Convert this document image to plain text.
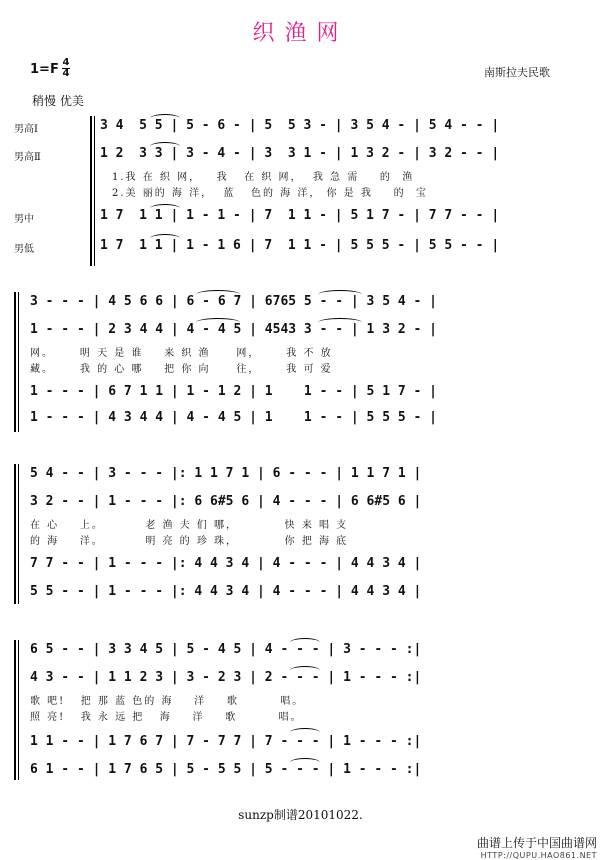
织渔网
1=F 4
4	南斯拉夫民歌
稍慢 优美
男高Ⅰ
男高Ⅱ
男中
男低
3 4  5 5 | 5 - 6 - | 5  5 3 - | 3 5 4 - | 5 4 - - |
1 2  3 3 | 3 - 4 - | 3  3 1 - | 1 3 2 - | 3 2 - - |
1.我 在 织 网，   我   在 织 网，  我 急 需    的  渔
2.美 丽的 海 洋，  蓝   色的 海 洋， 你 是 我    的  宝
1 7  1 1 | 1 - 1 - | 7  1 1 - | 5 1 7 - | 7 7 - - |
1 7  1 1 | 1 - 1 6 | 7  1 1 - | 5 5 5 - | 5 5 - - |
3 - - - | 4 5 6 6 | 6 - 6 7 | 6765 5 - - | 3 5 4 - |
1 - - - | 2 3 4 4 | 4 - 4 5 | 4543 3 - - | 1 3 2 - |
网。     明 天 是 谁    来 织 渔     网，     我 不 放
藏。     我 的 心 哪    把 你 向     往，     我 可 爱
1 - - - | 6 7 1 1 | 1 - 1 2 | 1    1 - - | 5 1 7 - |
1 - - - | 4 3 4 4 | 4 - 4 5 | 1    1 - - | 5 5 5 - |
5 4 - - | 3 - - - |: 1 1 7 1 | 6 - - - | 1 1 7 1 |
3 2 - - | 1 - - - |: 6 6#5 6 | 4 - - - | 6 6#5 6 |
在 心    上。        老 渔 夫 们 哪，         快 来 唱 支
的 海    洋。        明 亮 的 珍 珠，         你 把 海 底
7 7 - - | 1 - - - |: 4 4 3 4 | 4 - - - | 4 4 3 4 |
5 5 - - | 1 - - - |: 4 4 3 4 | 4 - - - | 4 4 3 4 |
6 5 - - | 3 3 4 5 | 5 - 4 5 | 4 - - - | 3 - - - :|
4 3 - - | 1 1 2 3 | 3 - 2 3 | 2 - - - | 1 - - - :|
歌 吧!   把 那 蓝 色的 海    洋    歌        唱。
照 亮!   我 永 远 把   海    洋    歌        唱。
1 1 - - | 1 7 6 7 | 7 - 7 7 | 7 - - - | 1 - - - :|
6 1 - - | 1 7 6 5 | 5 - 5 5 | 5 - - - | 1 - - - :|
sunzp制谱20101022.
曲谱上传于中国曲谱网
HTTP://QUPU.HAO861.NET
